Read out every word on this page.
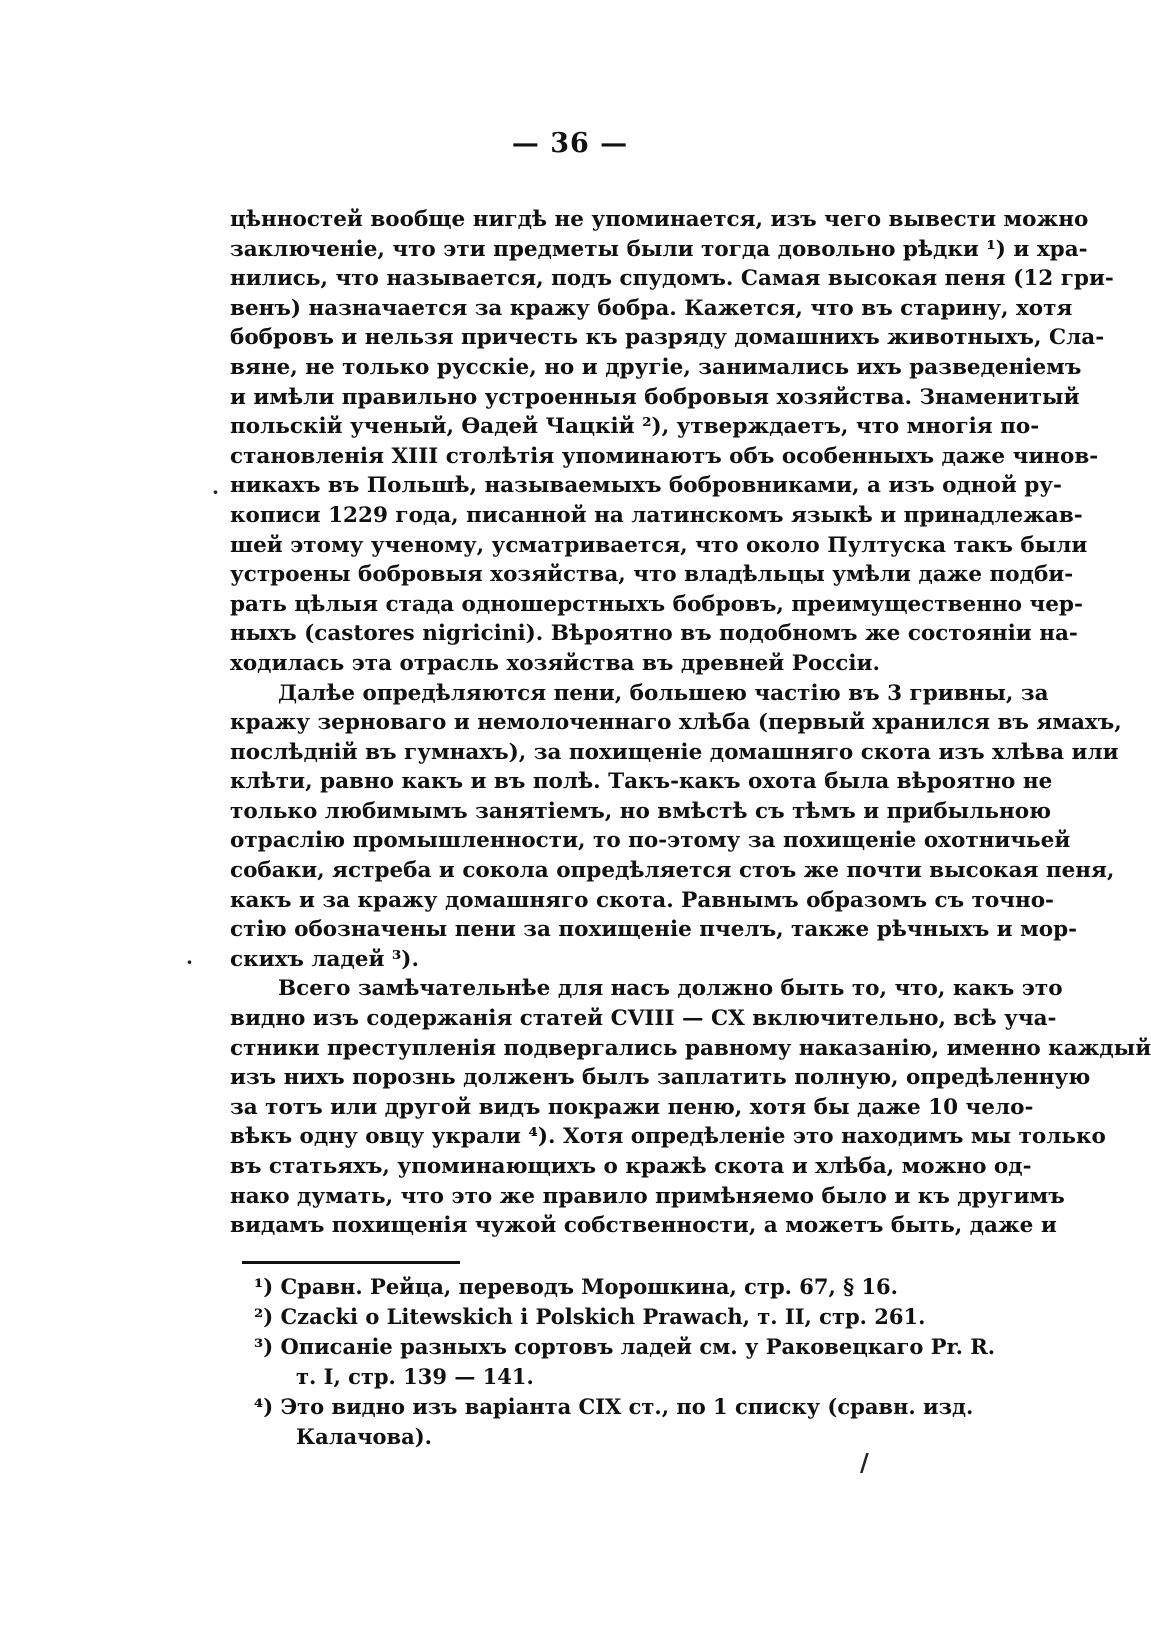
— 36 —
цѣнностей вообще нигдѣ не упоминается, изъ чего вывести можно
заключеніе, что эти предметы были тогда довольно рѣдки ¹) и хра-
нились, что называется, подъ спудомъ. Самая высокая пеня (12 гри-
венъ) назначается за кражу бобра. Кажется, что въ старину, хотя
бобровъ и нельзя причесть къ разряду домашнихъ животныхъ, Сла-
вяне, не только русскіе, но и другіе, занимались ихъ разведеніемъ
и имѣли правильно устроенныя бобровыя хозяйства. Знаменитый
польскій ученый, Ѳадей Чацкій ²), утверждаетъ, что многія по-
становленія XIII столѣтія упоминаютъ объ особенныхъ даже чинов-
никахъ въ Польшѣ, называемыхъ бобровниками, а изъ одной ру-
кописи 1229 года, писанной на латинскомъ языкѣ и принадлежав-
шей этому ученому, усматривается, что около Пултуска такъ были
устроены бобровыя хозяйства, что владѣльцы умѣли даже подби-
рать цѣлыя стада одношерстныхъ бобровъ, преимущественно чер-
ныхъ (castores nigricini). Вѣроятно въ подобномъ же состояніи на-
ходилась эта отрасль хозяйства въ древней Россіи.
Далѣе опредѣляются пени, большею частію въ 3 гривны, за
кражу зерноваго и немолоченнаго хлѣба (первый хранился въ ямахъ,
послѣдній въ гумнахъ), за похищеніе домашняго скота изъ хлѣва или
клѣти, равно какъ и въ полѣ. Такъ-какъ охота была вѣроятно не
только любимымъ занятіемъ, но вмѣстѣ съ тѣмъ и прибыльною
отраслію промышленности, то по-этому за похищеніе охотничьей
собаки, ястреба и сокола опредѣляется стоъ же почти высокая пеня,
какъ и за кражу домашняго скота. Равнымъ образомъ съ точно-
стію обозначены пени за похищеніе пчелъ, также рѣчныхъ и мор-
скихъ ладей ³).
Всего замѣчательнѣе для насъ должно быть то, что, какъ это
видно изъ содержанія статей CVIII — CX включительно, всѣ уча-
стники преступленія подвергались равному наказанію, именно каждый
изъ нихъ порознь долженъ былъ заплатить полную, опредѣленную
за тотъ или другой видъ покражи пеню, хотя бы даже 10 чело-
вѣкъ одну овцу украли ⁴). Хотя опредѣленіе это находимъ мы только
въ статьяхъ, упоминающихъ о кражѣ скота и хлѣба, можно од-
нако думать, что это же правило примѣняемо было и къ другимъ
видамъ похищенія чужой собственности, а можетъ быть, даже и
¹) Сравн. Рейца, переводъ Морошкина, стр. 67, § 16.
²) Czacki o Litewskich i Polskich Prawach, т. II, стр. 261.
³) Описаніе разныхъ сортовъ ладей см. у Раковецкаго Pr. R.
т. I, стр. 139 — 141.
⁴) Это видно изъ варіанта CIX ст., по 1 списку (сравн. изд.
Калачова).
·
·
/
